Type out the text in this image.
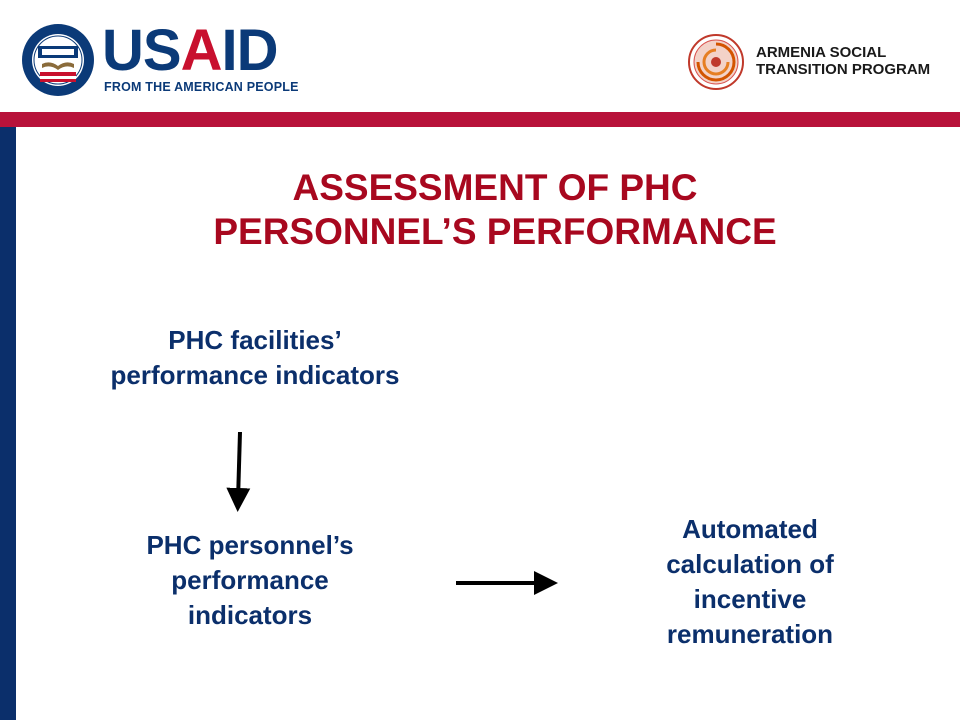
USAID
FROM THE AMERICAN PEOPLE
ARMENIA SOCIAL
TRANSITION PROGRAM
ASSESSMENT OF PHC
PERSONNEL’S PERFORMANCE
PHC facilities’
performance indicators
PHC personnel’s
performance
indicators
Automated
calculation of
incentive
remuneration
